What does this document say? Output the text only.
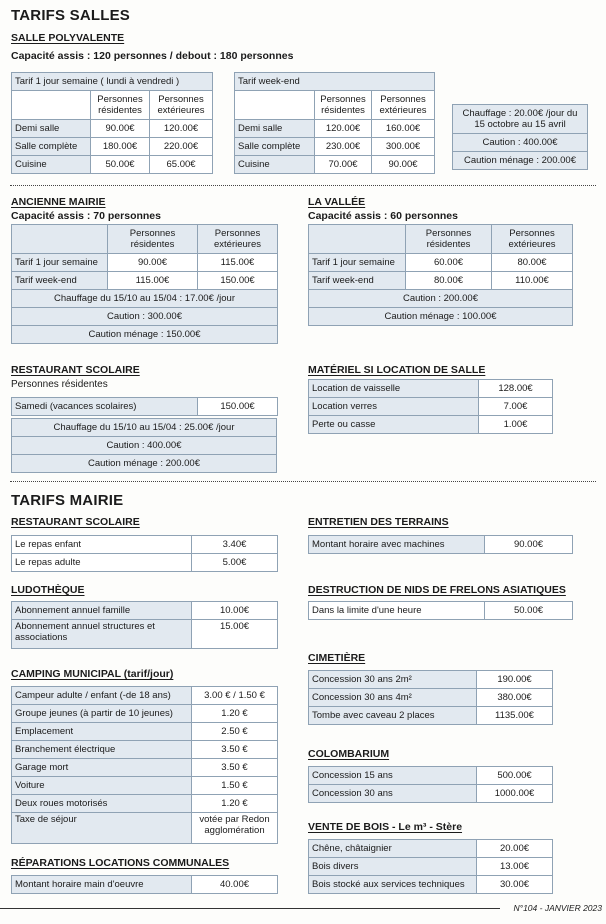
TARIFS SALLES
SALLE POLYVALENTE
Capacité assis : 120 personnes / debout : 180 personnes
Tarif 1 jour semaine ( lundi à vendredi )		
	Personnes résidentes	Personnes extérieures
Demi salle	90.00€	120.00€
Salle complète	180.00€	220.00€
Cuisine	50.00€	65.00€
Tarif week-end		
	Personnes résidentes	Personnes extérieures
Demi salle	120.00€	160.00€
Salle complète	230.00€	300.00€
Cuisine	70.00€	90.00€
Chauffage : 20.00€ /jour du 15 octobre au 15 avril
Caution : 400.00€
Caution ménage : 200.00€
ANCIENNE MAIRIE
Capacité assis : 70 personnes
	Personnes résidentes	Personnes extérieures
Tarif 1 jour semaine	90.00€	115.00€
Tarif week-end	115.00€	150.00€
Chauffage du 15/10 au 15/04 : 17.00€ /jour		
Caution : 300.00€		
Caution ménage : 150.00€		
LA VALLÉE
Capacité assis : 60 personnes
	Personnes résidentes	Personnes extérieures
Tarif 1 jour semaine	60.00€	80.00€
Tarif week-end	80.00€	110.00€
Caution : 200.00€		
Caution ménage : 100.00€		
RESTAURANT SCOLAIRE
Personnes résidentes
Samedi (vacances scolaires)	150.00€
Chauffage du 15/10 au 15/04 : 25.00€ /jour
Caution : 400.00€
Caution ménage : 200.00€
MATÉRIEL SI LOCATION DE SALLE
Location de vaisselle	128.00€
Location verres	7.00€
Perte ou casse	1.00€
TARIFS MAIRIE
RESTAURANT SCOLAIRE
Le repas enfant	3.40€
Le repas adulte	5.00€
LUDOTHÈQUE
Abonnement annuel famille	10.00€
Abonnement annuel structures et associations	15.00€
CAMPING MUNICIPAL (tarif/jour)
Campeur adulte / enfant (-de 18 ans)	3.00 € / 1.50 €
Groupe jeunes (à partir de 10 jeunes)	1.20 €
Emplacement	2.50 €
Branchement électrique	3.50 €
Garage mort	3.50 €
Voiture	1.50 €
Deux roues motorisés	1.20 €
Taxe de séjour	votée par Redon agglomération
RÉPARATIONS LOCATIONS COMMUNALES
Montant horaire main d'oeuvre	40.00€
ENTRETIEN DES TERRAINS
Montant horaire avec machines	90.00€
DESTRUCTION DE NIDS DE FRELONS ASIATIQUES
Dans la limite d'une heure	50.00€
CIMETIÈRE
Concession 30 ans 2m²	190.00€
Concession 30 ans 4m²	380.00€
Tombe avec caveau 2 places	1135.00€
COLOMBARIUM
Concession 15 ans	500.00€
Concession 30 ans	1000.00€
VENTE DE BOIS - Le m³ - Stère
Chêne, châtaignier	20.00€
Bois divers	13.00€
Bois stocké aux services techniques	30.00€
N°104 - JANVIER 2023
